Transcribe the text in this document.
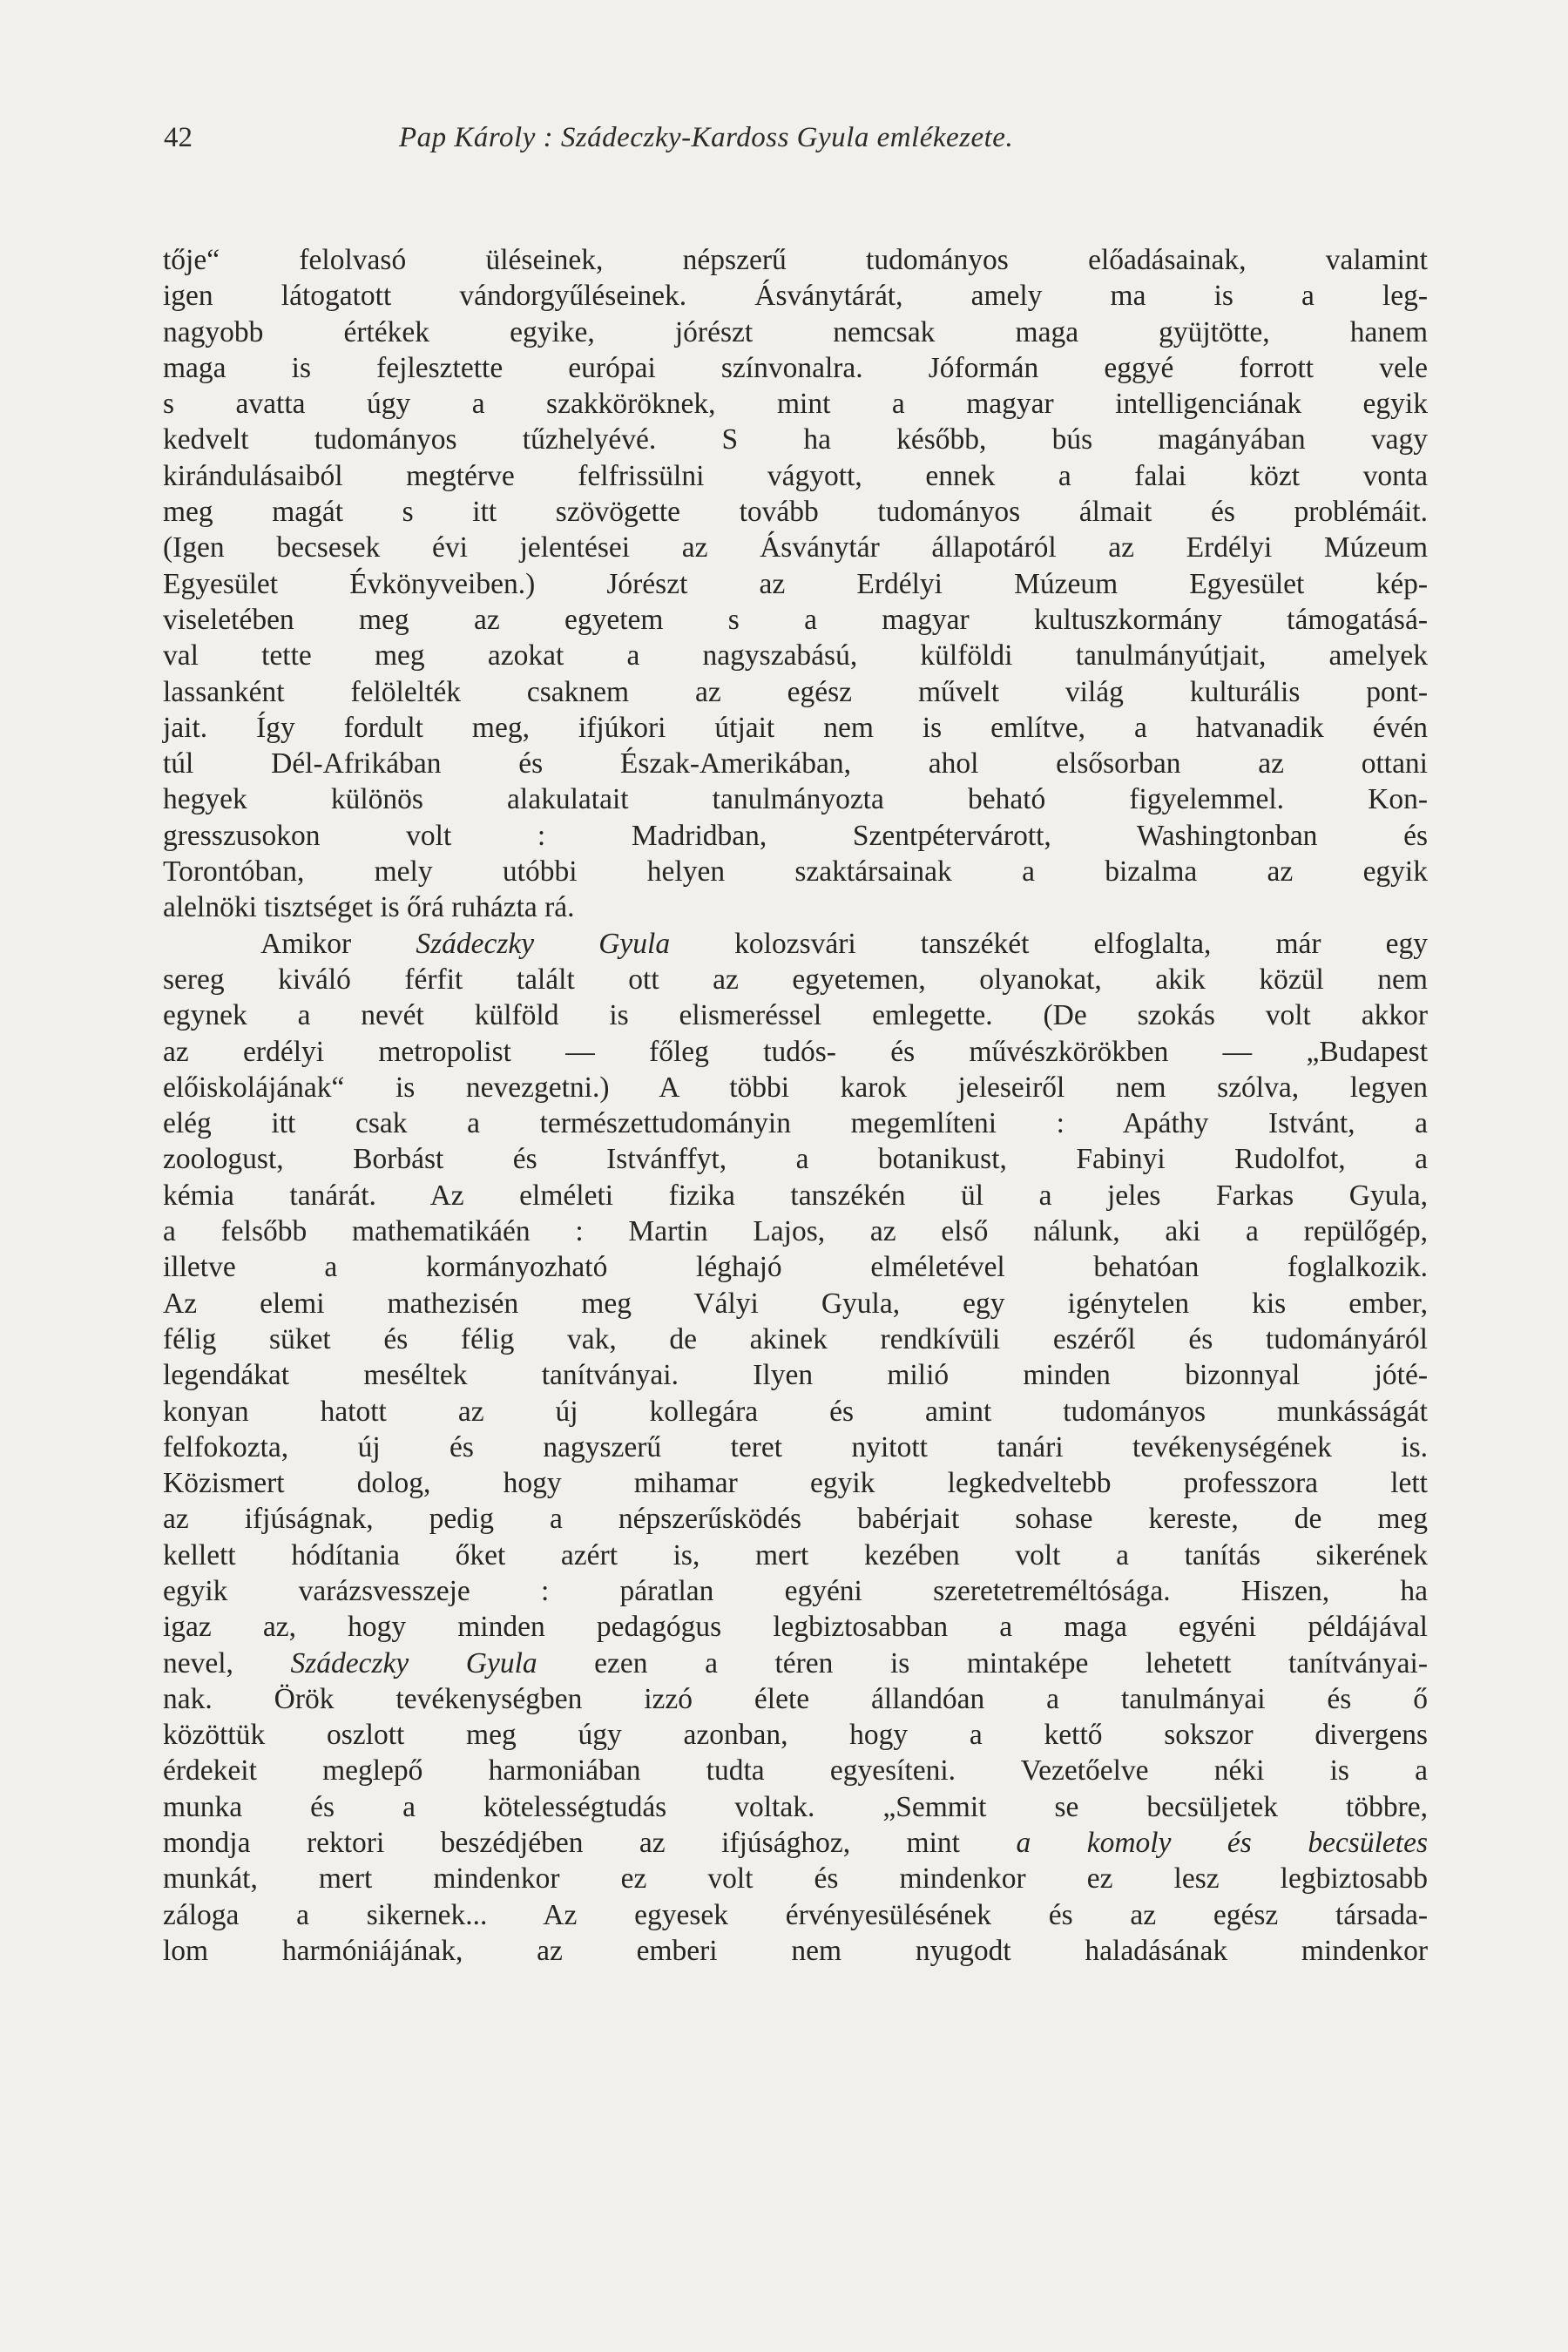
42	Pap Károly : Szádeczky-Kardoss Gyula emlékezete.
tője“ felolvasó üléseinek, népszerű tudományos előadásainak, valamint
igen látogatott vándorgyűléseinek. Ásványtárát, amely ma is a leg-
nagyobb értékek egyike, jórészt nemcsak maga gyüjtötte, hanem
maga is fejlesztette európai színvonalra. Jóformán eggyé forrott vele
s avatta úgy a szakköröknek, mint a magyar intelligenciának egyik
kedvelt tudományos tűzhelyévé. S ha később, bús magányában vagy
kirándulásaiból megtérve felfrissülni vágyott, ennek a falai közt vonta
meg magát s itt szövögette tovább tudományos álmait és problémáit.
(Igen becsesek évi jelentései az Ásványtár állapotáról az Erdélyi Múzeum
Egyesület Évkönyveiben.) Jórészt az Erdélyi Múzeum Egyesület kép-
viseletében meg az egyetem s a magyar kultuszkormány támogatásá-
val tette meg azokat a nagyszabású, külföldi tanulmányútjait, amelyek
lassanként felölelték csaknem az egész művelt világ kulturális pont-
jait. Így fordult meg, ifjúkori útjait nem is említve, a hatvanadik évén
túl Dél-Afrikában és Észak-Amerikában, ahol elsősorban az ottani
hegyek különös alakulatait tanulmányozta beható figyelemmel. Kon-
gresszusokon volt : Madridban, Szentpétervárott, Washingtonban és
Torontóban, mely utóbbi helyen szaktársainak a bizalma az egyik
alelnöki tisztséget is őrá ruházta rá.
Amikor Szádeczky Gyula kolozsvári tanszékét elfoglalta, már egy
sereg kiváló férfit talált ott az egyetemen, olyanokat, akik közül nem
egynek a nevét külföld is elismeréssel emlegette. (De szokás volt akkor
az erdélyi metropolist — főleg tudós- és művészkörökben — „Budapest
előiskolájának“ is nevezgetni.) A többi karok jeleseiről nem szólva, legyen
elég itt csak a természettudományin megemlíteni : Apáthy Istvánt, a
zoologust, Borbást és Istvánffyt, a botanikust, Fabinyi Rudolfot, a
kémia tanárát. Az elméleti fizika tanszékén ül a jeles Farkas Gyula,
a felsőbb mathematikáén : Martin Lajos, az első nálunk, aki a repülőgép,
illetve a kormányozható léghajó elméletével behatóan foglalkozik.
Az elemi mathezisén meg Vályi Gyula, egy igénytelen kis ember,
félig süket és félig vak, de akinek rendkívüli eszéről és tudományáról
legendákat meséltek tanítványai. Ilyen milió minden bizonnyal jóté-
konyan hatott az új kollegára és amint tudományos munkásságát
felfokozta, új és nagyszerű teret nyitott tanári tevékenységének is.
Közismert dolog, hogy mihamar egyik legkedveltebb professzora lett
az ifjúságnak, pedig a népszerűsködés babérjait sohase kereste, de meg
kellett hódítania őket azért is, mert kezében volt a tanítás sikerének
egyik varázsvesszeje : páratlan egyéni szeretetreméltósága. Hiszen, ha
igaz az, hogy minden pedagógus legbiztosabban a maga egyéni példájával
nevel, Szádeczky Gyula ezen a téren is mintaképe lehetett tanítványai-
nak. Örök tevékenységben izzó élete állandóan a tanulmányai és ő
közöttük oszlott meg úgy azonban, hogy a kettő sokszor divergens
érdekeit meglepő harmoniában tudta egyesíteni. Vezetőelve néki is a
munka és a kötelességtudás voltak. „Semmit se becsüljetek többre,
mondja rektori beszédjében az ifjúsághoz, mint a komoly és becsületes
munkát, mert mindenkor ez volt és mindenkor ez lesz legbiztosabb
záloga a sikernek... Az egyesek érvényesülésének és az egész társada-
lom harmóniájának, az emberi nem nyugodt haladásának mindenkor
